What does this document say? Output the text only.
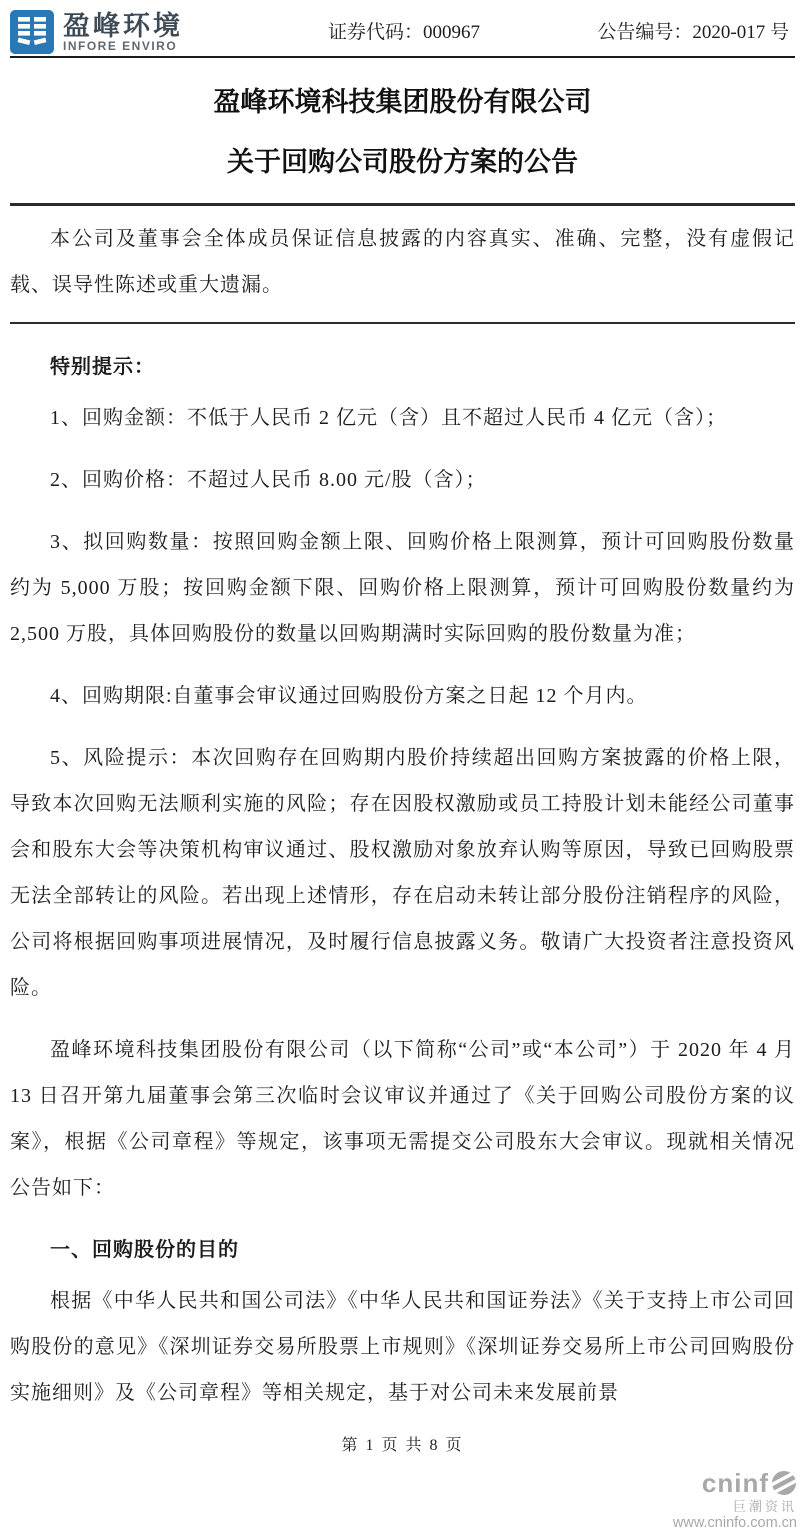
盈峰环境
INFORE ENVIRO
证券代码：000967	公告编号：2020-017 号
盈峰环境科技集团股份有限公司
关于回购公司股份方案的公告
本公司及董事会全体成员保证信息披露的内容真实、准确、完整，没有虚假记载、误导性陈述或重大遗漏。
特别提示：

1、回购金额：不低于人民币 2 亿元（含）且不超过人民币 4 亿元（含）；

2、回购价格：不超过人民币 8.00 元/股（含）；

3、拟回购数量：按照回购金额上限、回购价格上限测算，预计可回购股份数量约为 5,000 万股；按回购金额下限、回购价格上限测算，预计可回购股份数量约为 2,500 万股，具体回购股份的数量以回购期满时实际回购的股份数量为准；

4、回购期限:自董事会审议通过回购股份方案之日起 12 个月内。

5、风险提示：本次回购存在回购期内股价持续超出回购方案披露的价格上限，导致本次回购无法顺利实施的风险；存在因股权激励或员工持股计划未能经公司董事会和股东大会等决策机构审议通过、股权激励对象放弃认购等原因，导致已回购股票无法全部转让的风险。若出现上述情形，存在启动未转让部分股份注销程序的风险，公司将根据回购事项进展情况，及时履行信息披露义务。敬请广大投资者注意投资风险。

盈峰环境科技集团股份有限公司（以下简称“公司”或“本公司”）于 2020 年 4 月 13 日召开第九届董事会第三次临时会议审议并通过了《关于回购公司股份方案的议案》，根据《公司章程》等规定，该事项无需提交公司股东大会审议。现就相关情况公告如下：

一、回购股份的目的

根据《中华人民共和国公司法》《中华人民共和国证券法》《关于支持上市公司回购股份的意见》《深圳证券交易所股票上市规则》《深圳证券交易所上市公司回购股份实施细则》及《公司章程》等相关规定，基于对公司未来发展前景

第 1 页 共 8 页
cninf
巨潮资讯
www.cninfo.com.cn
